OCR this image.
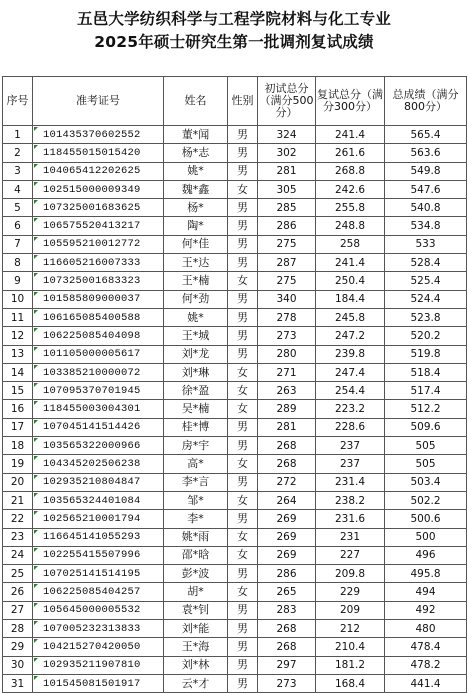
五邑大学纺织科学与工程学院材料与化工专业
2025年硕士研究生第一批调剂复试成绩
序号	准考证号	姓名	性别	初试总分（满分500分）	复试总分（满分300分）	总成绩（满分800分）
1	101435370602552	董*闻	男	324	241.4	565.4
2	118455015015420	杨*志	男	302	261.6	563.6
3	104065412202625	姚*	男	281	268.8	549.8
4	102515000009349	魏*鑫	女	305	242.6	547.6
5	107325001683625	杨*	男	285	255.8	540.8
6	106575520413217	陶*	男	286	248.8	534.8
7	105595210012772	何*佳	男	275	258	533
8	116605216007333	王*达	男	287	241.4	528.4
9	107325001683323	王*楠	女	275	250.4	525.4
10	101585809000037	何*劲	男	340	184.4	524.4
11	106165085400588	姚*	男	278	245.8	523.8
12	106225085404098	王*城	男	273	247.2	520.2
13	101105000005617	刘*龙	男	280	239.8	519.8
14	103385210000072	刘*琳	女	271	247.4	518.4
15	107095370701945	徐*盈	女	263	254.4	517.4
16	118455003004301	吴*楠	女	289	223.2	512.2
17	107045141514426	桂*博	男	281	228.6	509.6
18	103565322000966	房*宇	男	268	237	505
19	104345202506238	高*	女	268	237	505
20	102935210804847	李*言	男	272	231.4	503.4
21	103565324401084	邹*	女	264	238.2	502.2
22	102565210001794	李*	男	269	231.6	500.6
23	116645141055293	姚*雨	女	269	231	500
24	102255415507996	邵*晗	女	269	227	496
25	107025141514195	彭*波	男	286	209.8	495.8
26	106225085404257	胡*	女	265	229	494
27	105645000005532	袁*钊	男	283	209	492
28	107005232313833	刘*能	男	268	212	480
29	104215270420050	王*海	男	268	210.4	478.4
30	102935211907810	刘*林	男	297	181.2	478.2
31	101545081501917	云*才	男	273	168.4	441.4
